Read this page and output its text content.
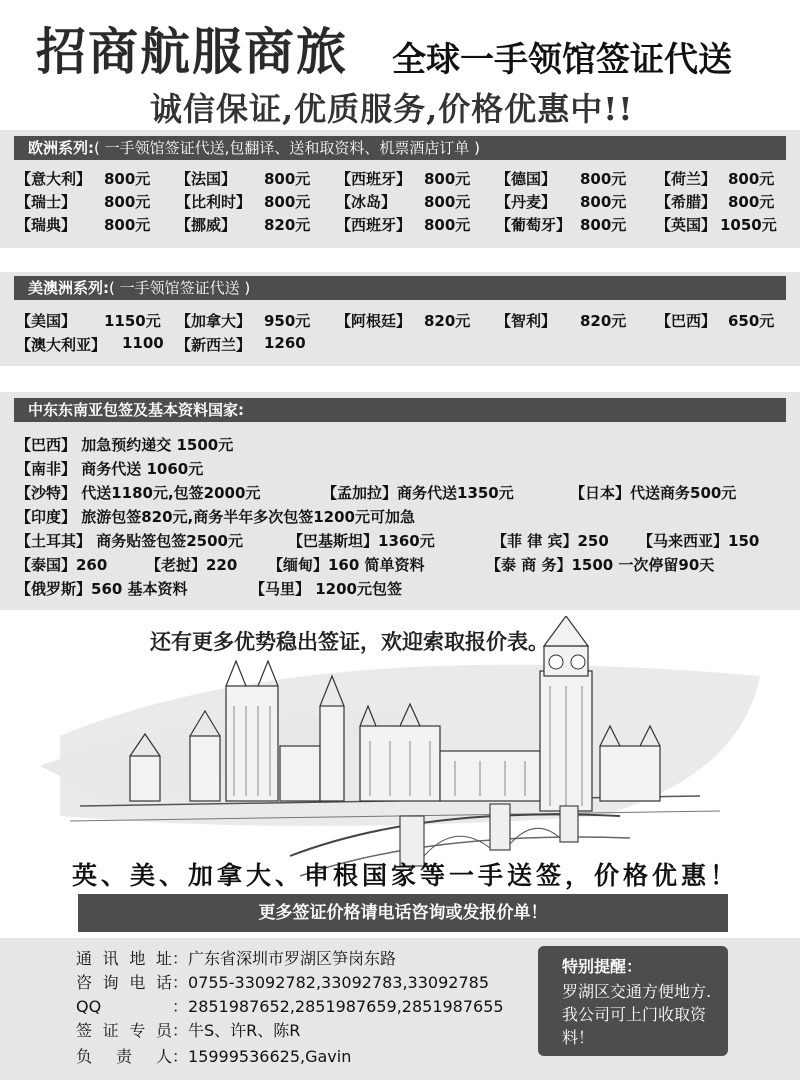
招商航服商旅 全球一手领馆签证代送
诚信保证,优质服务,价格优惠中!!
欧洲系列:( 一手领馆签证代送,包翻译、送和取资料、机票酒店订单 )
【意大利】 800元 【法国】 800元 【西班牙】 800元 【德国】 800元 【荷兰】 800元
【瑞士】 800元 【比利时】 800元 【冰岛】 800元 【丹麦】 800元 【希腊】 800元
【瑞典】 800元 【挪威】 820元 【西班牙】 800元 【葡萄牙】 800元 【英国】 1050元
美澳洲系列:( 一手领馆签证代送 )
【美国】 1150元 【加拿大】 950元 【阿根廷】 820元 【智利】 820元 【巴西】 650元
【澳大利亚】 1100 【新西兰】 1260
中东东南亚包签及基本资料国家:
【巴西】 加急预约递交 1500元
【南非】 商务代送 1060元
【沙特】 代送1180元,包签2000元	【孟加拉】商务代送1350元	【日本】代送商务500元
【印度】 旅游包签820元,商务半年多次包签1200元可加急
【土耳其】 商务贴签包签2500元	【巴基斯坦】1360元	【菲 律 宾】250 【马来西亚】150
【泰国】260	【老挝】220 【缅甸】160 简单资料	【泰 商 务】1500 一次停留90天
【俄罗斯】560 基本资料	【马里】 1200元包签
还有更多优势稳出签证，欢迎索取报价表。
英、美、加拿大、申根国家等一手送签，价格优惠！
更多签证价格请电话咨询或发报价单！
通讯地址：广东省深圳市罗湖区笋岗东路
咨询电话：0755-33092782,33092783,33092785
QQ	：2851987652,2851987659,2851987655
签证专员：牛S、许R、陈R
负责人：15999536625,Gavin
特别提醒：
罗湖区交通方便地方.我公司可上门收取资料！
